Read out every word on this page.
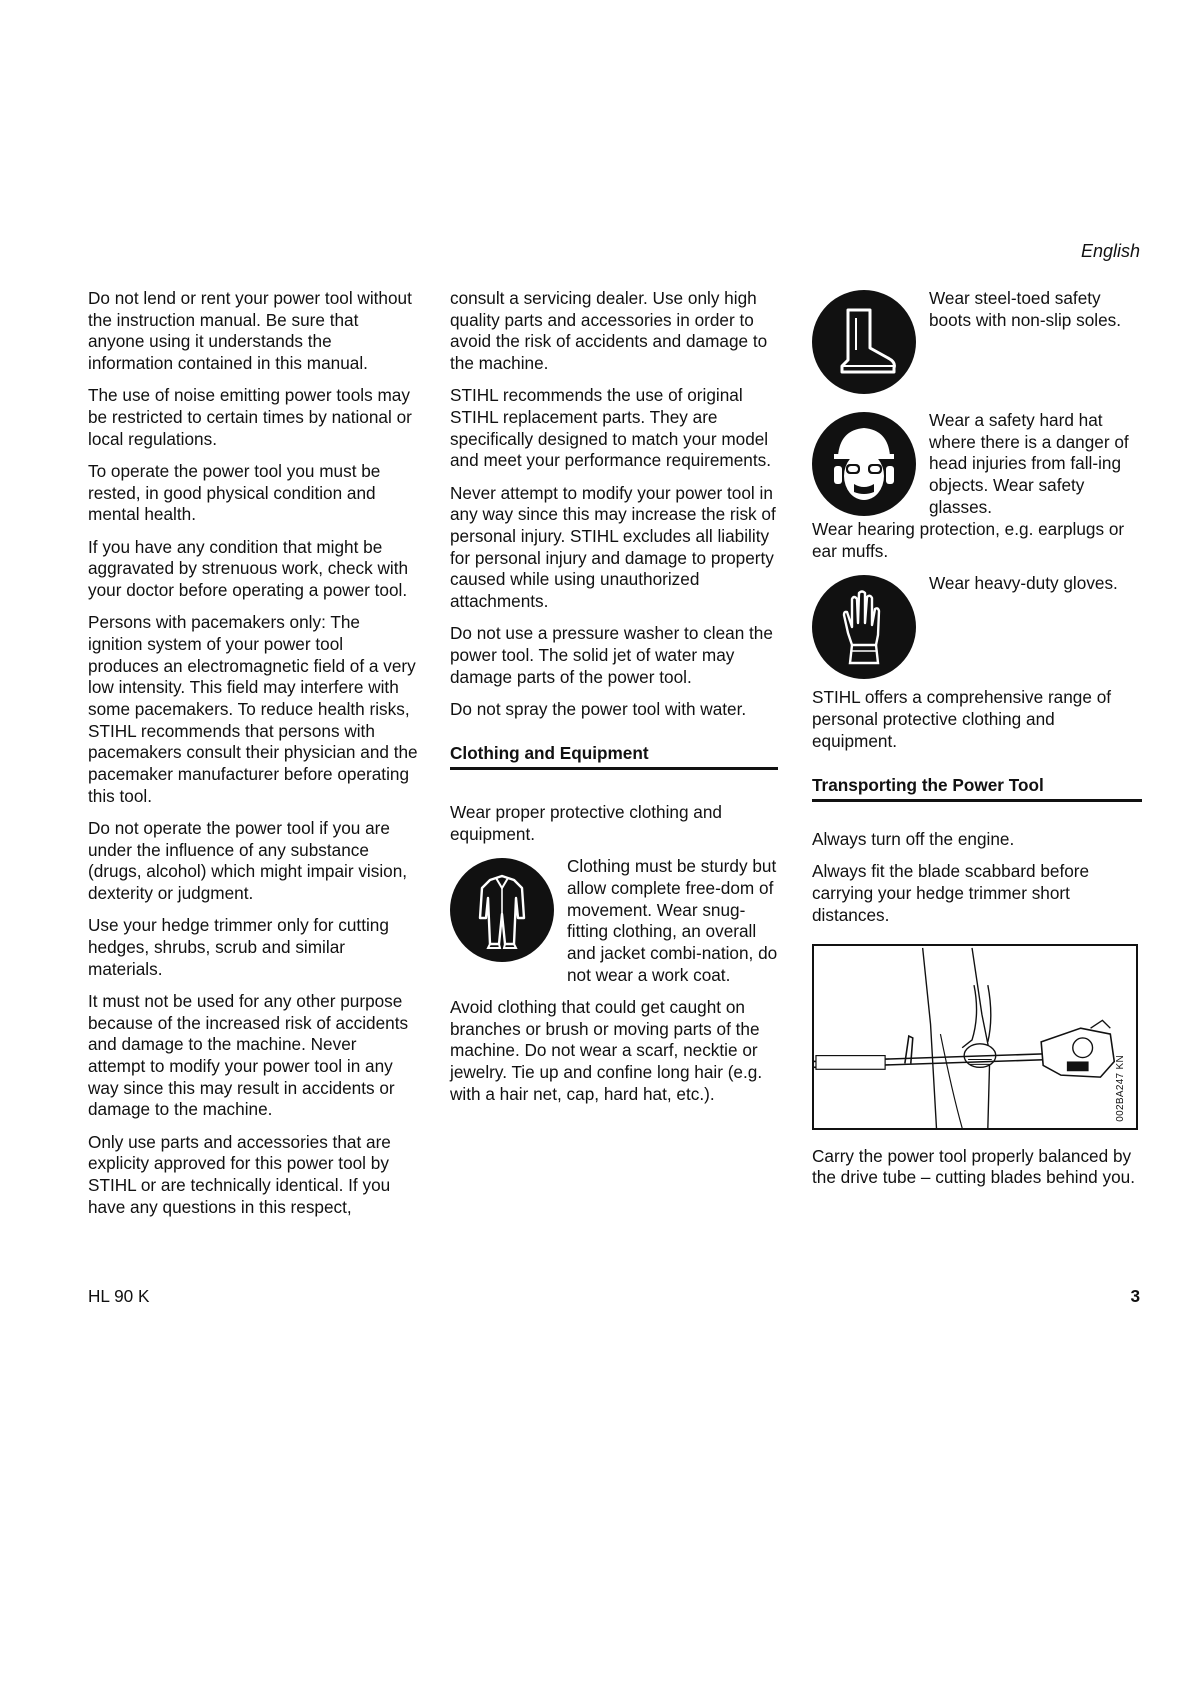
English

Do not lend or rent your power tool without the instruction manual. Be sure that anyone using it understands the information contained in this manual.

The use of noise emitting power tools may be restricted to certain times by national or local regulations.

To operate the power tool you must be rested, in good physical condition and mental health.

If you have any condition that might be aggravated by strenuous work, check with your doctor before operating a power tool.

Persons with pacemakers only: The ignition system of your power tool produces an electromagnetic field of a very low intensity. This field may interfere with some pacemakers. To reduce health risks, STIHL recommends that persons with pacemakers consult their physician and the pacemaker manufacturer before operating this tool.

Do not operate the power tool if you are under the influence of any substance (drugs, alcohol) which might impair vision, dexterity or judgment.

Use your hedge trimmer only for cutting hedges, shrubs, scrub and similar materials.

It must not be used for any other purpose because of the increased risk of accidents and damage to the machine. Never attempt to modify your power tool in any way since this may result in accidents or damage to the machine.

Only use parts and accessories that are explicity approved for this power tool by STIHL or are technically identical. If you have any questions in this respect,

consult a servicing dealer. Use only high quality parts and accessories in order to avoid the risk of accidents and damage to the machine.

STIHL recommends the use of original STIHL replacement parts. They are specifically designed to match your model and meet your performance requirements.

Never attempt to modify your power tool in any way since this may increase the risk of personal injury. STIHL excludes all liability for personal injury and damage to property caused while using unauthorized attachments.

Do not use a pressure washer to clean the power tool. The solid jet of water may damage parts of the power tool.

Do not spray the power tool with water.

Clothing and Equipment

Wear proper protective clothing and equipment.

Clothing must be sturdy but allow complete free-dom of movement. Wear snug-fitting clothing, an overall and jacket combi-nation, do not wear a work coat.

Avoid clothing that could get caught on branches or brush or moving parts of the machine. Do not wear a scarf, necktie or jewelry. Tie up and confine long hair (e.g. with a hair net, cap, hard hat, etc.).

Wear steel-toed safety boots with non-slip soles.
Wear a safety hard hat where there is a danger of head injuries from fall-ing objects. Wear safety glasses.

Wear hearing protection, e.g. earplugs or ear muffs.

Wear heavy-duty gloves.

STIHL offers a comprehensive range of personal protective clothing and equipment.

Transporting the Power Tool

Always turn off the engine.

Always fit the blade scabbard before carrying your hedge trimmer short distances.

002BA247 KN

Carry the power tool properly balanced by the drive tube – cutting blades behind you.

HL 90 K	3
